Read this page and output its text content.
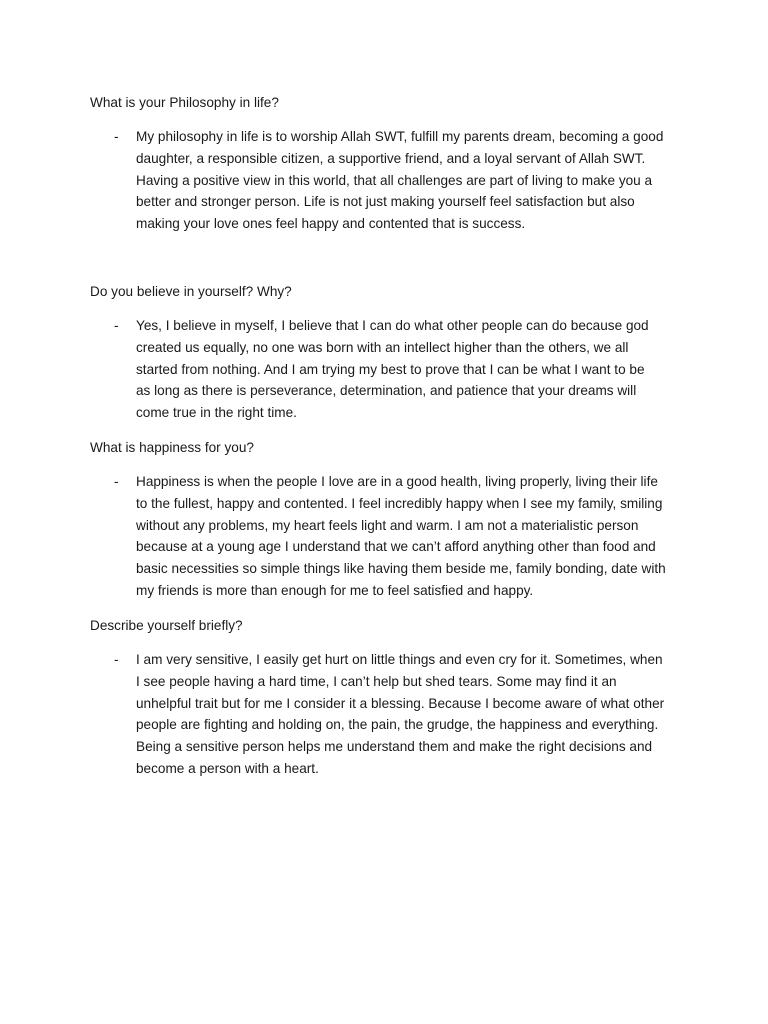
What is your Philosophy in life?
- My philosophy in life is to worship Allah SWT, fulfill my parents dream, becoming a good
daughter, a responsible citizen, a supportive friend, and a loyal servant of Allah SWT.
Having a positive view in this world, that all challenges are part of living to make you a
better and stronger person. Life is not just making yourself feel satisfaction but also
making your love ones feel happy and contented that is success.
Do you believe in yourself? Why?
- Yes, I believe in myself, I believe that I can do what other people can do because god
created us equally, no one was born with an intellect higher than the others, we all
started from nothing. And I am trying my best to prove that I can be what I want to be
as long as there is perseverance, determination, and patience that your dreams will
come true in the right time.
What is happiness for you?
- Happiness is when the people I love are in a good health, living properly, living their life
to the fullest, happy and contented. I feel incredibly happy when I see my family, smiling
without any problems, my heart feels light and warm. I am not a materialistic person
because at a young age I understand that we can’t afford anything other than food and
basic necessities so simple things like having them beside me, family bonding, date with
my friends is more than enough for me to feel satisfied and happy.
Describe yourself briefly?
- I am very sensitive, I easily get hurt on little things and even cry for it. Sometimes, when
I see people having a hard time, I can’t help but shed tears. Some may find it an
unhelpful trait but for me I consider it a blessing. Because I become aware of what other
people are fighting and holding on, the pain, the grudge, the happiness and everything.
Being a sensitive person helps me understand them and make the right decisions and
become a person with a heart.
